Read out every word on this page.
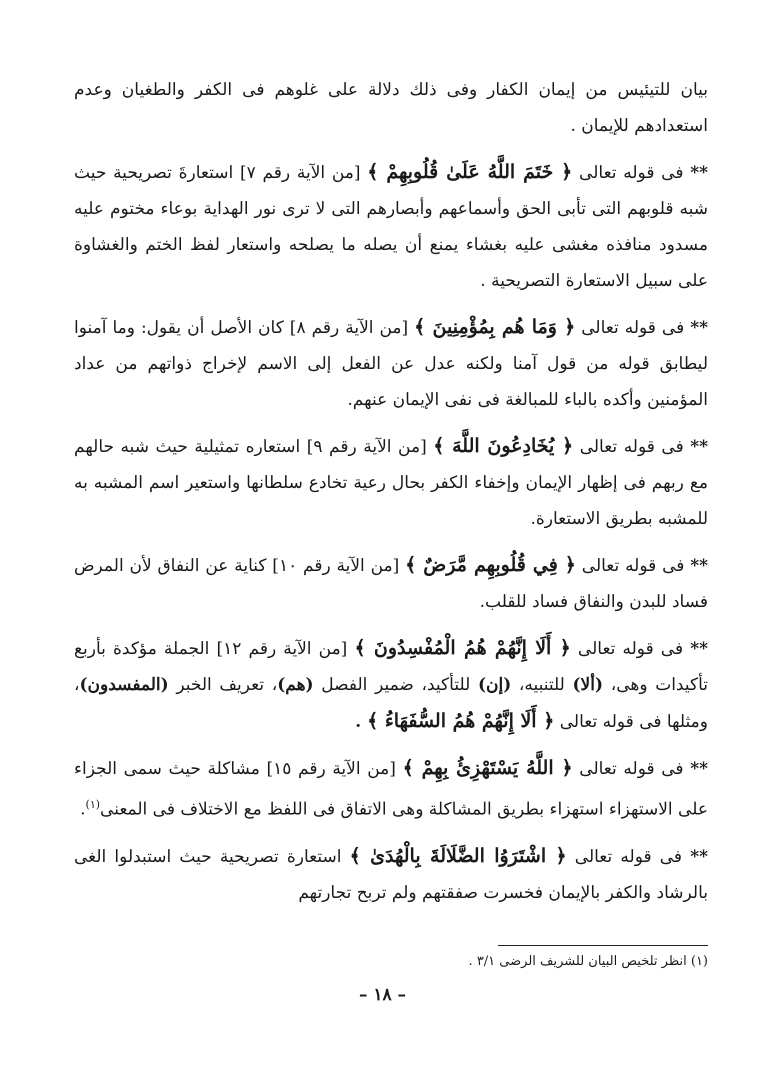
بيان للتيئيس من إيمان الكفار وفى ذلك دلالة على غلوهم فى الكفر والطغيان وعدم استعدادهم للإيمان .

** فى قوله تعالى ﴿ خَتَمَ اللَّهُ عَلَىٰ قُلُوبِهِمْ ﴾ [من الآية رقم ٧] استعارةَ تصريحية حيث شبه قلوبهم التى تأبى الحق وأسماعهم وأبصارهم التى لا ترى نور الهداية بوعاء مختوم عليه مسدود منافذه مغشى عليه بغشاء يمنع أن يصله ما يصلحه واستعار لفظ الختم والغشاوة على سبيل الاستعارة التصريحية .

** فى قوله تعالى ﴿ وَمَا هُم بِمُؤْمِنِينَ ﴾ [من الآية رقم ٨] كان الأصل أن يقول: وما آمنوا ليطابق قوله من قول آمنا ولكنه عدل عن الفعل إلى الاسم لإخراج ذواتهم من عداد المؤمنين وأكده بالباء للمبالغة فى نفى الإيمان عنهم.

** فى قوله تعالى ﴿ يُخَادِعُونَ اللَّهَ ﴾ [من الآية رقم ٩] استعاره تمثيلية حيث شبه حالهم مع ربهم فى إظهار الإيمان وإخفاء الكفر بحال رعية تخادع سلطانها واستعير اسم المشبه به للمشبه بطريق الاستعارة.

** فى قوله تعالى ﴿ فِي قُلُوبِهِم مَّرَضٌ ﴾ [من الآية رقم ١٠] كناية عن النفاق لأن المرض فساد للبدن والنفاق فساد للقلب.

** فى قوله تعالى ﴿ أَلَا إِنَّهُمْ هُمُ الْمُفْسِدُونَ ﴾ [من الآية رقم ١٢] الجملة مؤكدة بأربع تأكيدات وهى، (ألا) للتنبيه، (إن) للتأكيد، ضمير الفصل (هم)، تعريف الخبر (المفسدون)، ومثلها فى قوله تعالى ﴿ أَلَا إِنَّهُمْ هُمُ السُّفَهَاءُ ﴾ .

** فى قوله تعالى ﴿ اللَّهُ يَسْتَهْزِئُ بِهِمْ ﴾ [من الآية رقم ١٥] مشاكلة حيث سمى الجزاء على الاستهزاء استهزاء بطريق المشاكلة وهى الاتفاق فى اللفظ مع الاختلاف فى المعنى$^{(١)}$.

** فى قوله تعالى ﴿ اشْتَرَوُا الضَّلَالَةَ بِالْهُدَىٰ ﴾ استعارة تصريحية حيث استبدلوا الغى بالرشاد والكفر بالإيمان فخسرت صفقتهم ولم تربح تجارتهم

(١) انظر تلخيص البيان للشريف الرضى ٣/١ .
– ١٨ –
